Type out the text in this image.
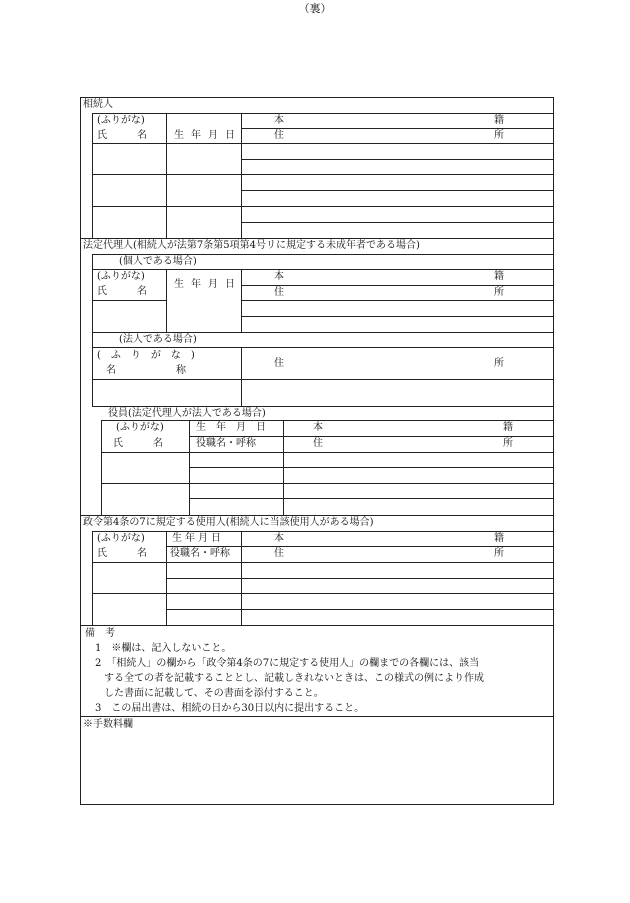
（裏）
相続人
(ふりがな)
氏　　　名	生年月日
本　　　　　　　　　　　　　　　　　　　　　籍
住　　　　　　　　　　　　　　　　　　　　　所
法定代理人(相続人が法第7条第5項第4号リに規定する未成年者である場合)
(個人である場合)
(ふりがな)
氏　　　名
生年月日
本　　　　　　　　　　　　　　　　　　　　　籍
住　　　　　　　　　　　　　　　　　　　　　所
(法人である場合)
(　ふ　り　が　な　)
名　　　　　　称
住　　　　　　　　　　　　　　　　　　　　　所
役員(法定代理人が法人である場合)
(ふりがな)
氏　　　名
生　年　月　日
役職名・呼称
本　　　　　　　　　　　　　　　　　　籍
住　　　　　　　　　　　　　　　　　　所
政令第4条の7に規定する使用人(相続人に当該使用人がある場合)
(ふりがな)
氏　　　名
生年月日
役職名・呼称
本　　　　　　　　　　　　　　　　　　　　　籍
住　　　　　　　　　　　　　　　　　　　　　所
備　考
1　※欄は、記入しないこと。
2　「相続人」の欄から「政令第4条の7に規定する使用人」の欄までの各欄には、該当
する全ての者を記載することとし、記載しきれないときは、この様式の例により作成
した書面に記載して、その書面を添付すること。
3　この届出書は、相続の日から30日以内に提出すること。
※手数料欄
